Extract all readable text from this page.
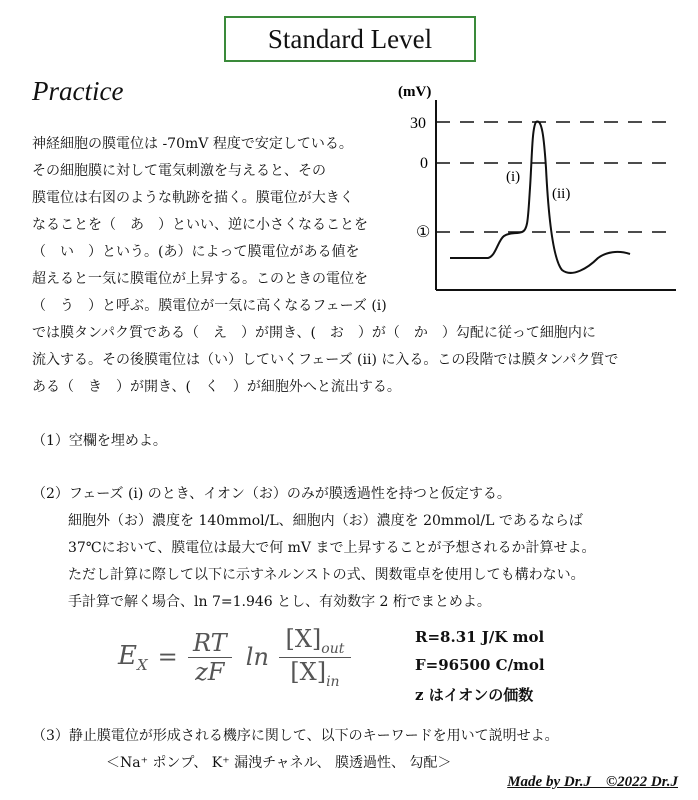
Standard Level
Practice	(mV)
30
0
①
(i)
(ii)
神経細胞の膜電位は -70mV 程度で安定している。
その細胞膜に対して電気刺激を与えると、その
膜電位は右図のような軌跡を描く。膜電位が大きく
なることを（　あ　）といい、逆に小さくなることを
（　い　）という。(あ）によって膜電位がある値を
超えると一気に膜電位が上昇する。このときの電位を
（　う　）と呼ぶ。膜電位が一気に高くなるフェーズ (i)
では膜タンパク質である（　え　）が開き、(　お　）が（　か　）勾配に従って細胞内に
流入する。その後膜電位は（い）していくフェーズ (ii) に入る。この段階では膜タンパク質で
ある（　き　）が開き、(　く　）が細胞外へと流出する。
（1）空欄を埋めよ。
（2）フェーズ (i) のとき、イオン（お）のみが膜透過性を持つと仮定する。
細胞外（お）濃度を 140mmol/L、細胞内（お）濃度を 20mmol/L であるならば
37℃において、膜電位は最大で何 mV まで上昇することが予想されるか計算せよ。
ただし計算に際して以下に示すネルンストの式、関数電卓を使用しても構わない。
手計算で解く場合、ln 7=1.946 とし、有効数字 2 桁でまとめよ。
$E_X$ =
RT
zF
ln
$[X]_{out}$
$[X]_{in}$
R=8.31 J/K mol
F=96500 C/mol
z はイオンの価数
（3）静止膜電位が形成される機序に関して、以下のキーワードを用いて説明せよ。
＜Na⁺ ポンプ、 K⁺ 漏洩チャネル、 膜透過性、 勾配＞
Made by Dr.J　©2022 Dr.J
